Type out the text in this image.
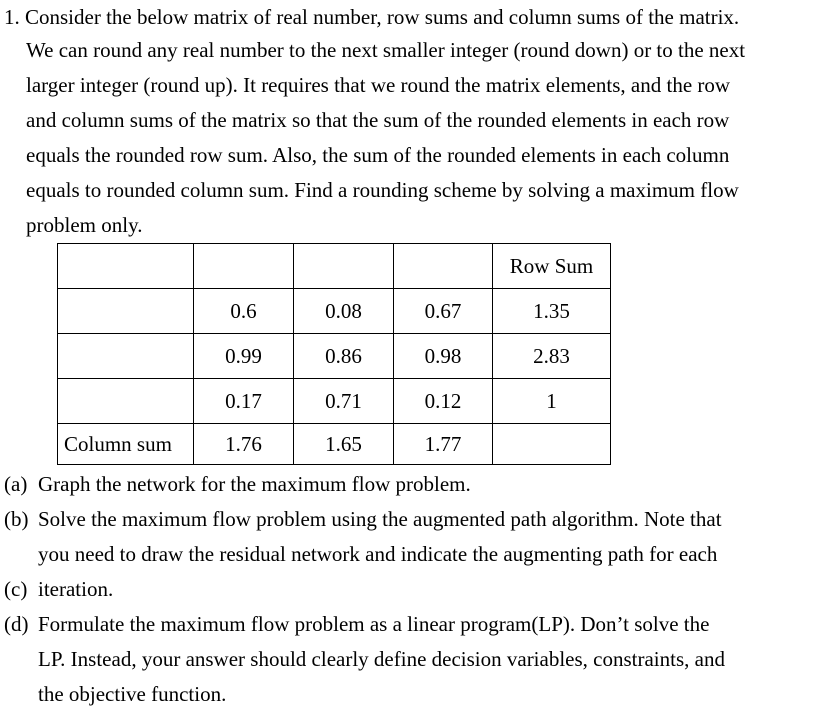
1. Consider the below matrix of real number, row sums and column sums of the matrix.
We can round any real number to the next smaller integer (round down) or to the next
larger integer (round up). It requires that we round the matrix elements, and the row
and column sums of the matrix so that the sum of the rounded elements in each row
equals the rounded row sum. Also, the sum of the rounded elements in each column
equals to rounded column sum. Find a rounding scheme by solving a maximum flow
problem only.
				Row Sum
	0.6	0.08	0.67	1.35
	0.99	0.86	0.98	2.83
	0.17	0.71	0.12	1
Column sum	1.76	1.65	1.77	
(a) Graph the network for the maximum flow problem.
(b) Solve the maximum flow problem using the augmented path algorithm. Note that
you need to draw the residual network and indicate the augmenting path for each
(c) iteration.
(d) Formulate the maximum flow problem as a linear program(LP). Don’t solve the
LP. Instead, your answer should clearly define decision variables, constraints, and
the objective function.
